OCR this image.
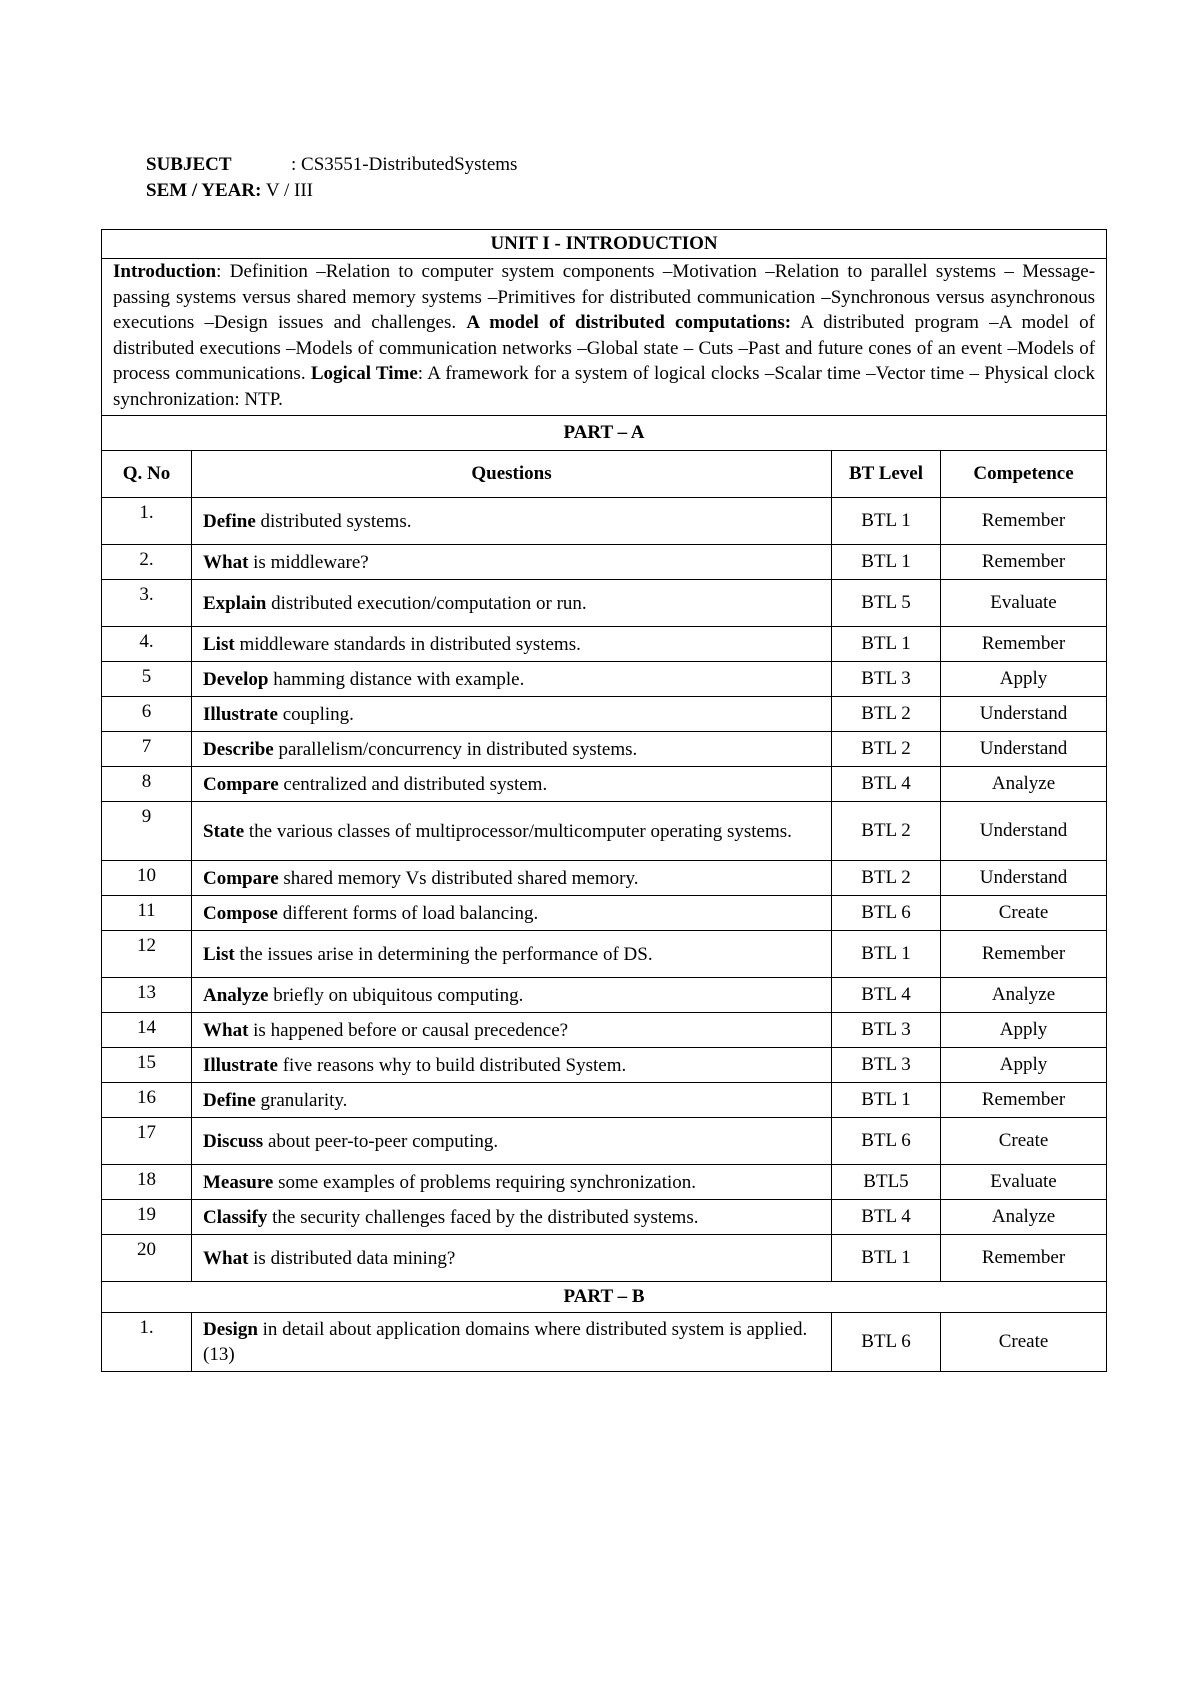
SUBJECT	: CS3551-DistributedSystems
SEM / YEAR: V / III
UNIT I - INTRODUCTION			
Introduction: Definition –Relation to computer system components –Motivation –Relation to parallel systems – Message-passing systems versus shared memory systems –Primitives for distributed communication –Synchronous versus asynchronous executions –Design issues and challenges. A model of distributed computations: A distributed program –A model of distributed executions –Models of communication networks –Global state – Cuts –Past and future cones of an event –Models of process communications. Logical Time: A framework for a system of logical clocks –Scalar time –Vector time – Physical clock synchronization: NTP.			
PART – A			
Q. No	Questions	BT Level	Competence
1.	Define distributed systems.	BTL 1	Remember
2.	What is middleware?	BTL 1	Remember
3.	Explain distributed execution/computation or run.	BTL 5	Evaluate
4.	List middleware standards in distributed systems.	BTL 1	Remember
5	Develop hamming distance with example.	BTL 3	Apply
6	Illustrate coupling.	BTL 2	Understand
7	Describe parallelism/concurrency in distributed systems.	BTL 2	Understand
8	Compare centralized and distributed system.	BTL 4	Analyze
9	State the various classes of multiprocessor/multicomputer operating systems.	BTL 2	Understand
10	Compare shared memory Vs distributed shared memory.	BTL 2	Understand
11	Compose different forms of load balancing.	BTL 6	Create
12	List the issues arise in determining the performance of DS.	BTL 1	Remember
13	Analyze briefly on ubiquitous computing.	BTL 4	Analyze
14	What is happened before or causal precedence?	BTL 3	Apply
15	Illustrate five reasons why to build distributed System.	BTL 3	Apply
16	Define granularity.	BTL 1	Remember
17	Discuss about peer-to-peer computing.	BTL 6	Create
18	Measure some examples of problems requiring synchronization.	BTL5	Evaluate
19	Classify the security challenges faced by the distributed systems.	BTL 4	Analyze
20	What is distributed data mining?	BTL 1	Remember
PART – B			
1.	Design in detail about application domains where distributed system is applied. (13)	BTL 6	Create
